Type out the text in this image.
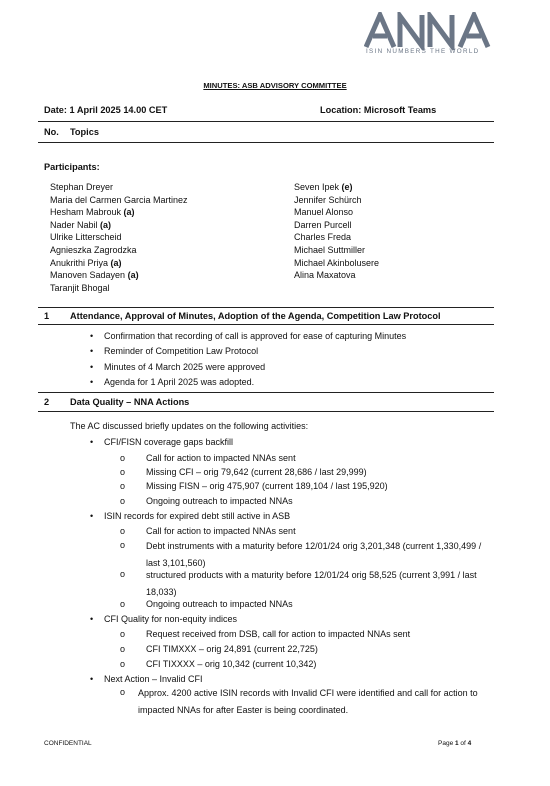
ISIN NUMBERS THE WORLD
MINUTES: ASB ADVISORY COMMITTEE
Date: 1 April 2025 14.00 CET	Location: Microsoft Teams
No. Topics
Participants:
Stephan Dreyer
Maria del Carmen Garcia Martinez
Hesham Mabrouk (a)
Nader Nabil (a)
Ulrike Litterscheid
Agnieszka Zagrodzka
Anukrithi Priya (a)
Manoven Sadayen (a)
Taranjit Bhogal
Seven Ipek (e)
Jennifer Schürch
Manuel Alonso
Darren Purcell
Charles Freda
Michael Suttmiller
Michael Akinbolusere
Alina Maxatova
1 Attendance, Approval of Minutes, Adoption of the Agenda, Competition Law Protocol
• Confirmation that recording of call is approved for ease of capturing Minutes
• Reminder of Competition Law Protocol
• Minutes of 4 March 2025 were approved
• Agenda for 1 April 2025 was adopted.
2 Data Quality – NNA Actions
The AC discussed briefly updates on the following activities:
• CFI/FISN coverage gaps backfill
o Call for action to impacted NNAs sent
o Missing CFI – orig 79,642 (current 28,686 / last 29,999)
o Missing FISN – orig 475,907 (current 189,104 / last 195,920)
o Ongoing outreach to impacted NNAs
• ISIN records for expired debt still active in ASB
o Call for action to impacted NNAs sent
o Debt instruments with a maturity before 12/01/24 orig 3,201,348 (current 1,330,499 / last 3,101,560)
o structured products with a maturity before 12/01/24 orig 58,525 (current 3,991 / last 18,033)
o Ongoing outreach to impacted NNAs
• CFI Quality for non-equity indices
o Request received from DSB, call for action to impacted NNAs sent
o CFI TIMXXX – orig 24,891 (current 22,725)
o CFI TIXXXX – orig 10,342 (current 10,342)
• Next Action – Invalid CFI
o Approx. 4200 active ISIN records with Invalid CFI were identified and call for action to impacted NNAs for after Easter is being coordinated.
CONFIDENTIAL	Page 1 of 4
